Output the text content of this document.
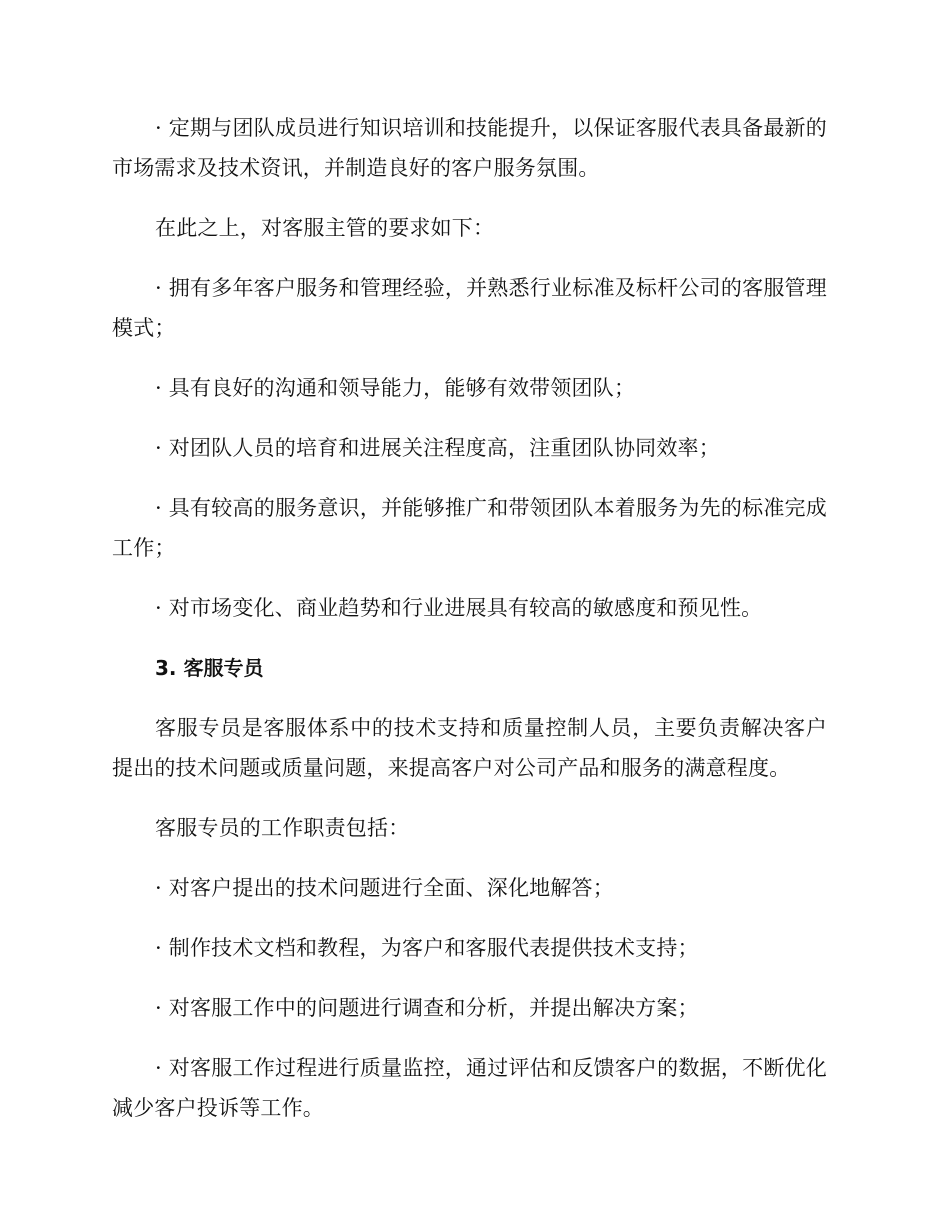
· 定期与团队成员进行知识培训和技能提升，以保证客服代表具备最新的市场需求及技术资讯，并制造良好的客户服务氛围。

在此之上，对客服主管的要求如下：

· 拥有多年客户服务和管理经验，并熟悉行业标准及标杆公司的客服管理模式；

· 具有良好的沟通和领导能力，能够有效带领团队；

· 对团队人员的培育和进展关注程度高，注重团队协同效率；

· 具有较高的服务意识，并能够推广和带领团队本着服务为先的标准完成工作；

· 对市场变化、商业趋势和行业进展具有较高的敏感度和预见性。

3. 客服专员

客服专员是客服体系中的技术支持和质量控制人员，主要负责解决客户提出的技术问题或质量问题，来提高客户对公司产品和服务的满意程度。

客服专员的工作职责包括：

· 对客户提出的技术问题进行全面、深化地解答；

· 制作技术文档和教程，为客户和客服代表提供技术支持；

· 对客服工作中的问题进行调查和分析，并提出解决方案；

· 对客服工作过程进行质量监控，通过评估和反馈客户的数据，不断优化减少客户投诉等工作。
